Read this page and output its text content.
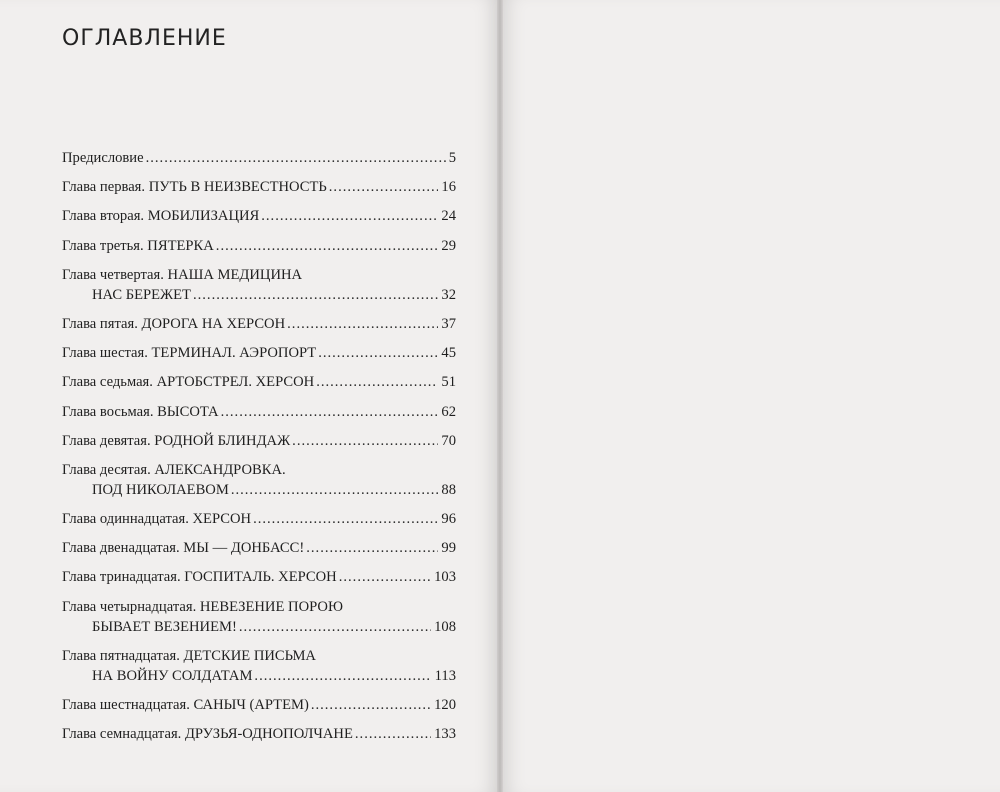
ОГЛАВЛЕНИЕ
Предисловие .....	5
Глава первая. ПУТЬ В НЕИЗВЕСТНОСТЬ .....	16
Глава вторая. МОБИЛИЗАЦИЯ .....	24
Глава третья. ПЯТЕРКА .....	29
Глава четвертая. НАША МЕДИЦИНА
НАС БЕРЕЖЕТ .....	32
Глава пятая. ДОРОГА НА ХЕРСОН .....	37
Глава шестая. ТЕРМИНАЛ. АЭРОПОРТ .....	45
Глава седьмая. АРТОБСТРЕЛ. ХЕРСОН .....	51
Глава восьмая. ВЫСОТА .....	62
Глава девятая. РОДНОЙ БЛИНДАЖ .....	70
Глава десятая. АЛЕКСАНДРОВКА.
ПОД НИКОЛАЕВОМ .....	88
Глава одиннадцатая. ХЕРСОН .....	96
Глава двенадцатая. МЫ — ДОНБАСС! .....	99
Глава тринадцатая. ГОСПИТАЛЬ. ХЕРСОН .....	103
Глава четырнадцатая. НЕВЕЗЕНИЕ ПОРОЮ
БЫВАЕТ ВЕЗЕНИЕМ! .....	108
Глава пятнадцатая. ДЕТСКИЕ ПИСЬМА
НА ВОЙНУ СОЛДАТАМ .....	113
Глава шестнадцатая. САНЫЧ (АРТЕМ) .....	120
Глава семнадцатая. ДРУЗЬЯ-ОДНОПОЛЧАНЕ .....	133
